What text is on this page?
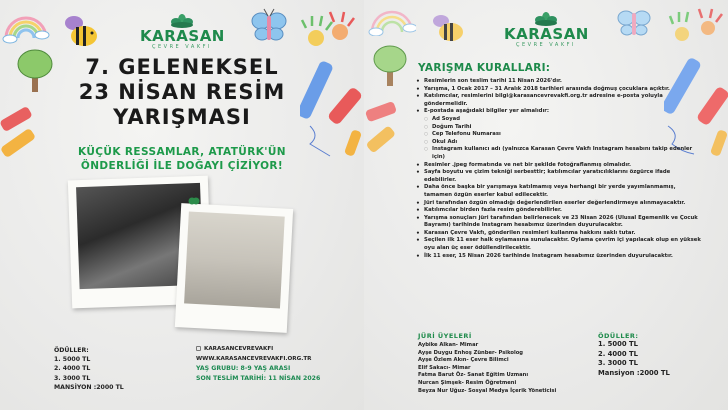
KARASAN
ÇEVRE VAKFI
7. GELENEKSEL
23 NİSAN RESİM
YARIŞMASI
KÜÇÜK RESSAMLAR, ATATÜRK'ÜN
ÖNDERLİĞİ İLE DOĞAYI ÇİZİYOR!
ÖDÜLLER:
1. 5000 TL
2. 4000 TL
3. 3000 TL
MANSİYON :2000 TL
KARASANCEVREVAKFI
WWW.KARASANCEVREVAKFI.ORG.TR
YAŞ GRUBU: 8-9 YAŞ ARASI
SON TESLİM TARİHİ: 11 NİSAN 2026
KARASAN
ÇEVRE VAKFI
YARIŞMA KURALLARI:
• Resimlerin son teslim tarihi 11 Nisan 2026'dır.
• Yarışma, 1 Ocak 2017 – 31 Aralık 2018 tarihleri arasında doğmuş çocuklara açıktır.
• Katılımcılar, resimlerini bilgi@karasancevrevakfi.org.tr adresine e-posta yoluyla göndermelidir.
• E-postada aşağıdaki bilgiler yer almalıdır:
○ Ad Soyad
○ Doğum Tarihi
○ Cep Telefonu Numarası
○ Okul Adı
○ Instagram kullanıcı adı (yalnızca Karasan Çevre Vakfı Instagram hesabını takip edenler için)
• Resimler .jpeg formatında ve net bir şekilde fotoğraflanmış olmalıdır.
• Sayfa boyutu ve çizim tekniği serbesttir; katılımcılar yaratıcılıklarını özgürce ifade edebilirler.
• Daha önce başka bir yarışmaya katılmamış veya herhangi bir yerde yayımlanmamış, tamamen özgün eserler kabul edilecektir.
• Jüri tarafından özgün olmadığı değerlendirilen eserler değerlendirmeye alınmayacaktır.
• Katılımcılar birden fazla resim gönderebilirler.
• Yarışma sonuçları jüri tarafından belirlenecek ve 23 Nisan 2026 (Ulusal Egemenlik ve Çocuk Bayramı) tarihinde Instagram hesabımız üzerinden duyurulacaktır.
• Karasan Çevre Vakfı, gönderilen resimleri kullanma hakkını saklı tutar.
• Seçilen ilk 11 eser halk oylamasına sunulacaktır. Oylama çevrim içi yapılacak olup en yüksek oyu alan üç eser ödüllendirilecektir.
• İlk 11 eser, 15 Nisan 2026 tarihinde Instagram hesabımız üzerinden duyurulacaktır.
JÜRİ ÜYELERİ
Aybike Alkan- Mimar
Ayşe Duygu Enhoş Zünber- Psikolog
Ayşe Özlem Akın- Çevre Bilimci
Elif Sakacı- Mimar
Fatma Barut Öz- Sanat Eğitim Uzmanı
Nurcan Şimşek- Resim Öğretmeni
Beyza Nur Uğuz- Sosyal Medya İçerik Yöneticisi
ÖDÜLLER:
1. 5000 TL
2. 4000 TL
3. 3000 TL
Mansiyon :2000 TL
